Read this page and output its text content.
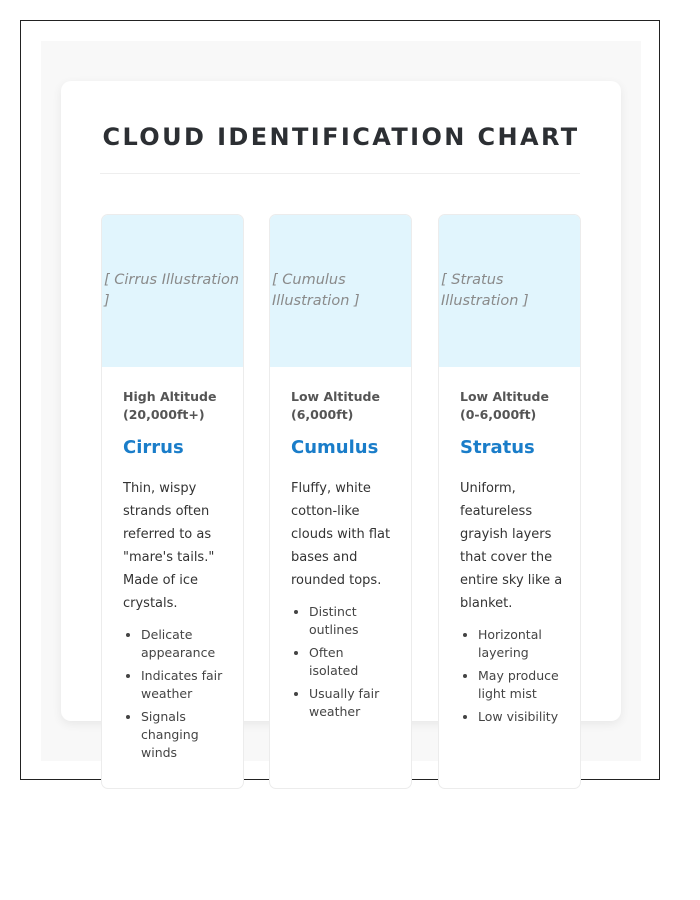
CLOUD IDENTIFICATION CHART
[ Cirrus Illustration ]

High Altitude (20,000ft+)

Cirrus

Thin, wispy strands often referred to as "mare's tails." Made of ice crystals.

• Delicate appearance
• Indicates fair weather
• Signals changing winds
[ Cumulus Illustration ]

Low Altitude (6,000ft)

Cumulus

Fluffy, white cotton-like clouds with flat bases and rounded tops.

• Distinct outlines
• Often isolated
• Usually fair weather
[ Stratus Illustration ]

Low Altitude (0-6,000ft)

Stratus

Uniform, featureless grayish layers that cover the entire sky like a blanket.

• Horizontal layering
• May produce light mist
• Low visibility
